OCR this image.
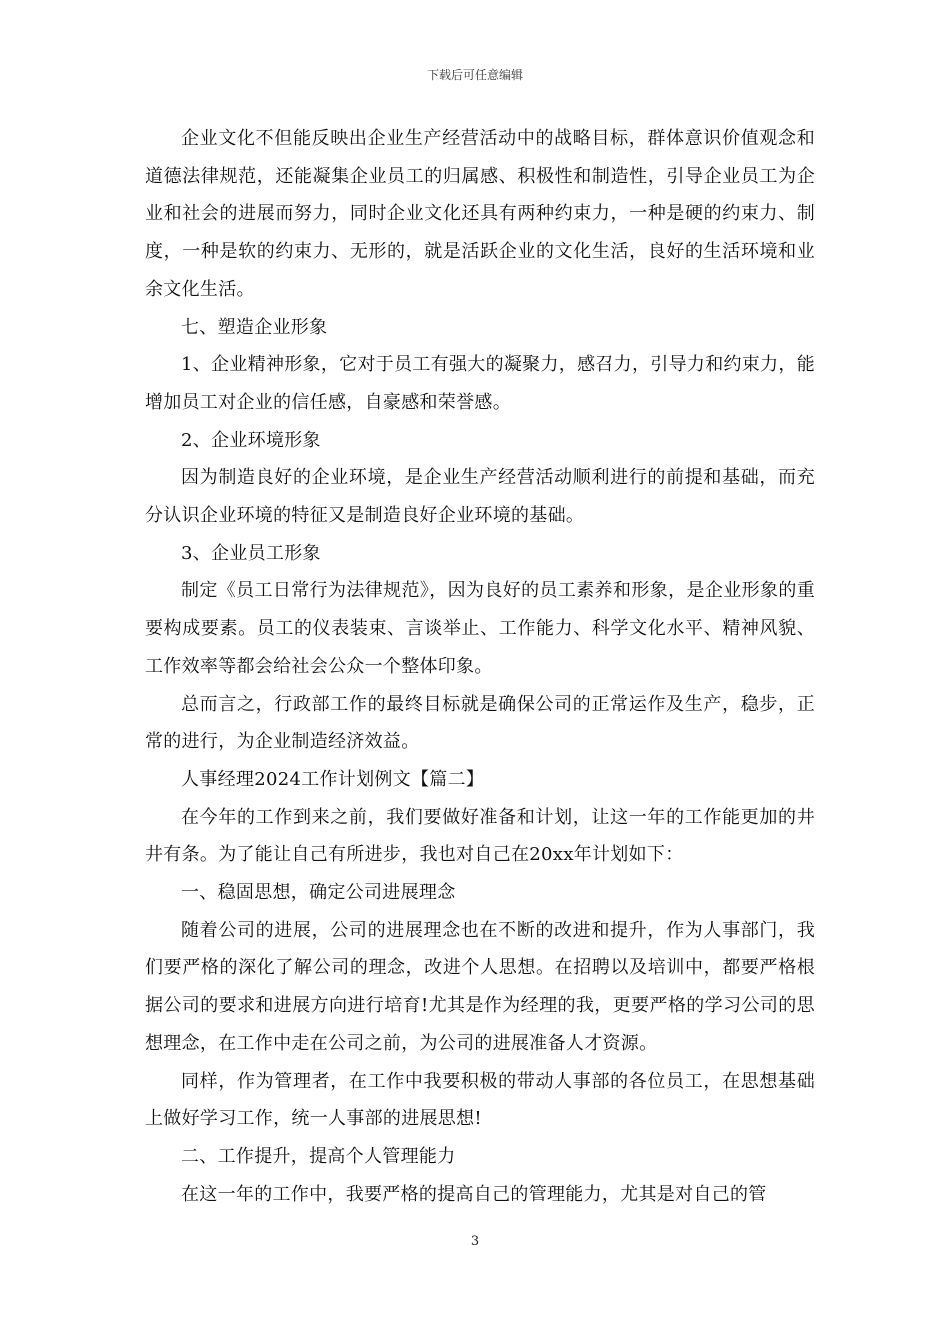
下载后可任意编辑

企业文化不但能反映出企业生产经营活动中的战略目标，群体意识价值观念和道德法律规范，还能凝集企业员工的归属感、积极性和制造性，引导企业员工为企业和社会的进展而努力，同时企业文化还具有两种约束力，一种是硬的约束力、制度，一种是软的约束力、无形的，就是活跃企业的文化生活，良好的生活环境和业余文化生活。

七、塑造企业形象

1、企业精神形象，它对于员工有强大的凝聚力，感召力，引导力和约束力，能增加员工对企业的信任感，自豪感和荣誉感。

2、企业环境形象

因为制造良好的企业环境，是企业生产经营活动顺利进行的前提和基础，而充分认识企业环境的特征又是制造良好企业环境的基础。

3、企业员工形象

制定《员工日常行为法律规范》，因为良好的员工素养和形象，是企业形象的重要构成要素。员工的仪表装束、言谈举止、工作能力、科学文化水平、精神风貌、工作效率等都会给社会公众一个整体印象。

总而言之，行政部工作的最终目标就是确保公司的正常运作及生产，稳步，正常的进行，为企业制造经济效益。

人事经理2024工作计划例文【篇二】

在今年的工作到来之前，我们要做好准备和计划，让这一年的工作能更加的井井有条。为了能让自己有所进步，我也对自己在20xx年计划如下：

一、稳固思想，确定公司进展理念

随着公司的进展，公司的进展理念也在不断的改进和提升，作为人事部门，我们要严格的深化了解公司的理念，改进个人思想。在招聘以及培训中，都要严格根据公司的要求和进展方向进行培育!尤其是作为经理的我，更要严格的学习公司的思想理念，在工作中走在公司之前，为公司的进展准备人才资源。

同样，作为管理者，在工作中我要积极的带动人事部的各位员工，在思想基础上做好学习工作，统一人事部的进展思想!

二、工作提升，提高个人管理能力

在这一年的工作中，我要严格的提高自己的管理能力，尤其是对自己的管

3
